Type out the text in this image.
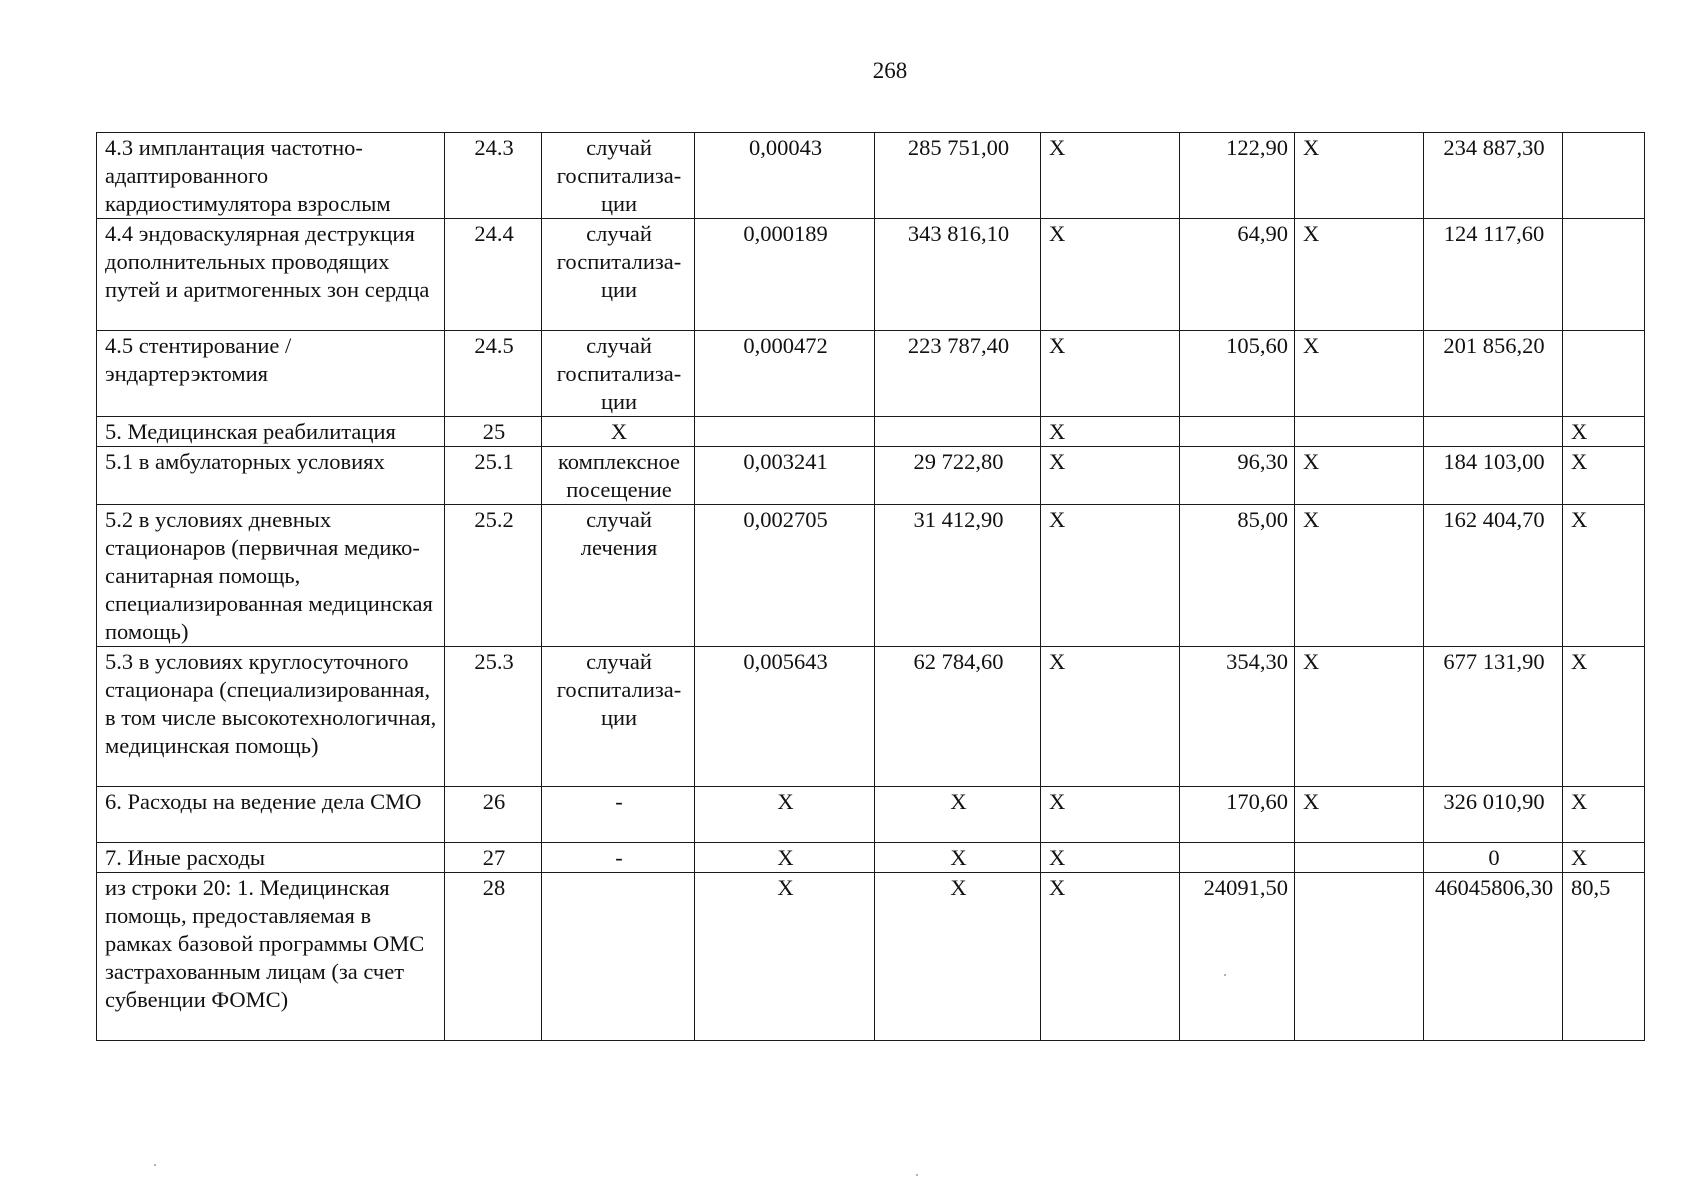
268
4.3 имплантация частотно-адаптированного кардиостимулятора взрослым	24.3	случай госпитализа-ции	0,00043	285 751,00	Х	122,90	Х	234 887,30	
4.4 эндоваскулярная деструкция дополнительных проводящих путей и аритмогенных зон сердца	24.4	случай госпитализа-ции	0,000189	343 816,10	Х	64,90	Х	124 117,60	
4.5 стентирование / эндартерэктомия	24.5	случай госпитализа-ции	0,000472	223 787,40	Х	105,60	Х	201 856,20	
5. Медицинская реабилитация	25	Х			Х				Х
5.1 в амбулаторных условиях	25.1	комплексное посещение	0,003241	29 722,80	Х	96,30	Х	184 103,00	Х
5.2 в условиях дневных стационаров (первичная медико-санитарная помощь, специализированная медицинская помощь)	25.2	случай лечения	0,002705	31 412,90	Х	85,00	Х	162 404,70	Х
5.3 в условиях круглосуточного стационара (специализированная, в том числе высокотехнологичная, медицинская помощь)	25.3	случай госпитализа-ции	0,005643	62 784,60	Х	354,30	Х	677 131,90	Х
6. Расходы на ведение дела СМО	26	-	Х	Х	Х	170,60	Х	326 010,90	Х
7. Иные расходы	27	-	Х	Х	Х			0	Х
из строки 20: 1. Медицинская помощь, предоставляемая в рамках базовой программы ОМС застрахованным лицам (за счет субвенции ФОМС)	28		Х	Х	Х	24091,50		46045806,30	80,5
